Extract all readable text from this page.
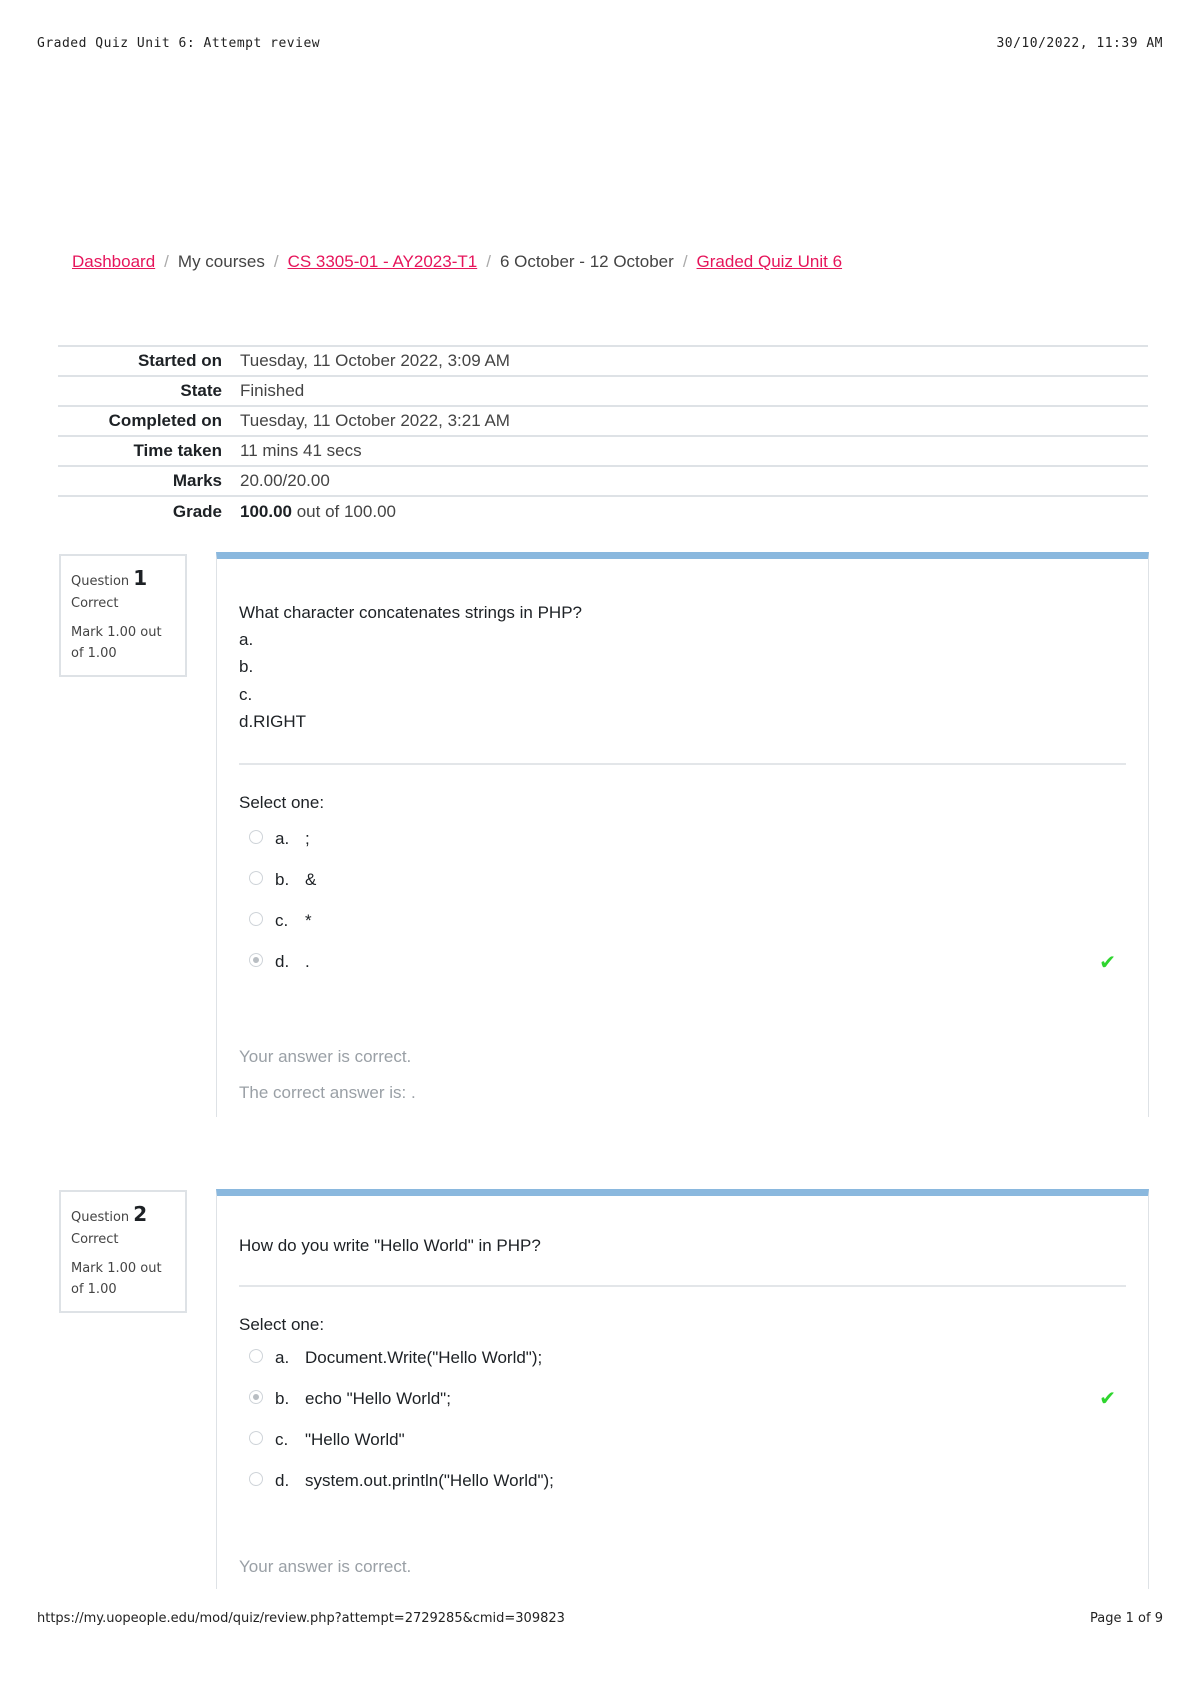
Graded Quiz Unit 6: Attempt review	30/10/2022, 11:39 AM
Dashboard / My courses / CS 3305-01 - AY2023-T1 / 6 October - 12 October / Graded Quiz Unit 6
Started on	Tuesday, 11 October 2022, 3:09 AM
State	Finished
Completed on	Tuesday, 11 October 2022, 3:21 AM
Time taken	11 mins 41 secs
Marks	20.00/20.00
Grade	100.00 out of 100.00
Question 1
Correct
Mark 1.00 out of 1.00
What character concatenates strings in PHP?
a.
b.
c.
d.RIGHT
Select one:
a. ;
b. &
c. *
d. .	✔
Your answer is correct.
The correct answer is: .
Question 2
Correct
Mark 1.00 out of 1.00
How do you write "Hello World" in PHP?
Select one:
a. Document.Write("Hello World");
b. echo "Hello World";	✔
c. "Hello World"
d. system.out.println("Hello World");
Your answer is correct.
https://my.uopeople.edu/mod/quiz/review.php?attempt=2729285&cmid=309823	Page 1 of 9
